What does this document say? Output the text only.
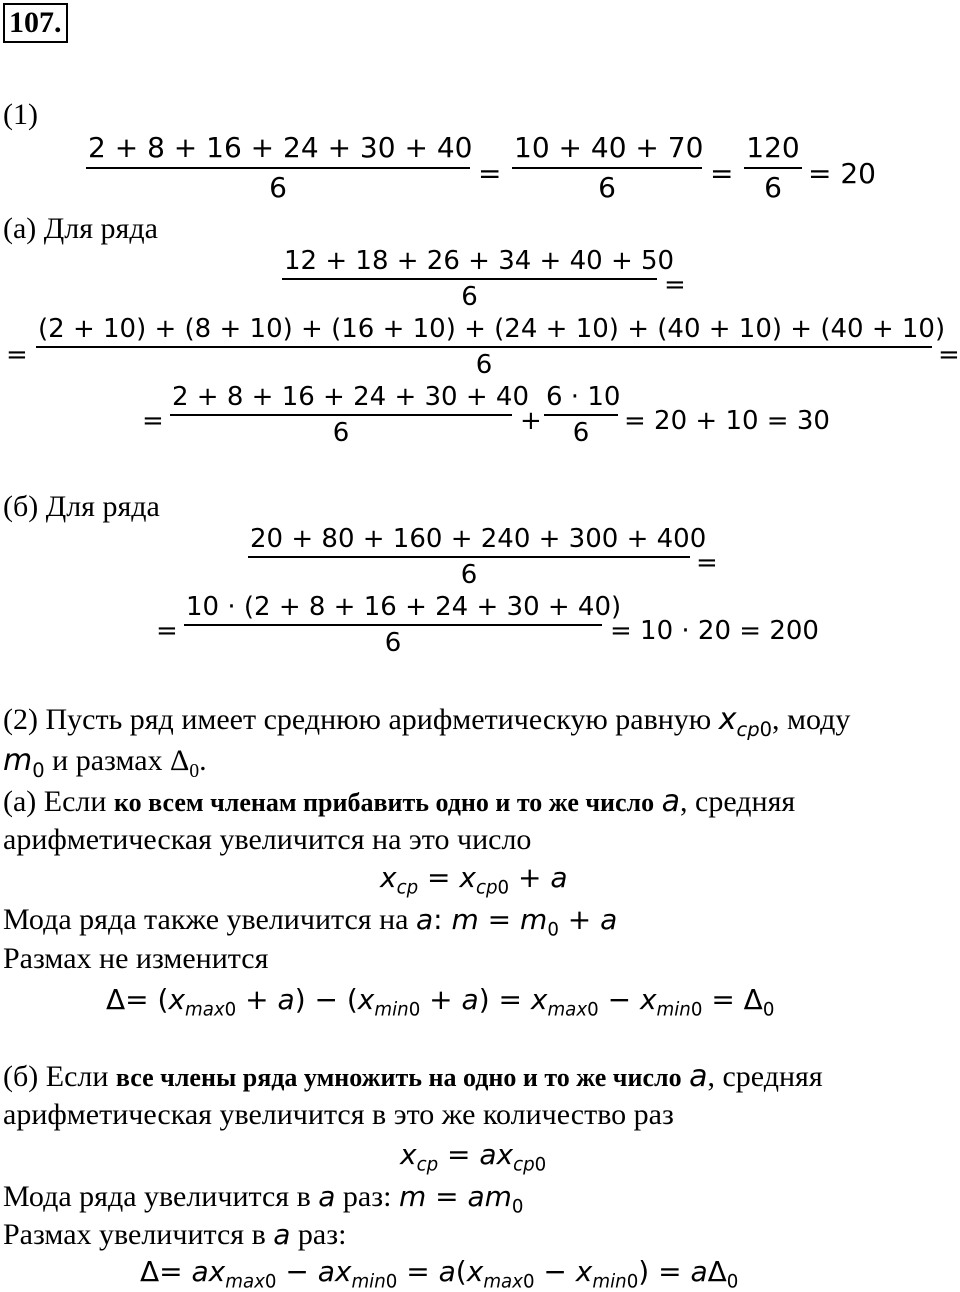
107.
(1)
2 + 8 + 16 + 24 + 30 + 40
6	=
10 + 40 + 70
6	=
120
6 = 20
(а) Для ряда
12 + 18 + 26 + 34 + 40 + 50
6	=
=
(2 + 10) + (8 + 10) + (16 + 10) + (24 + 10) + (40 + 10) + (40 + 10)
6	=
=
2 + 8 + 16 + 24 + 30 + 40
6	+
6 · 10
6	= 20 + 10 = 30
(б) Для ряда
20 + 80 + 160 + 240 + 300 + 400
6	=
=
10 · (2 + 8 + 16 + 24 + 30 + 40)
6	= 10 · 20 = 200
(2) Пусть ряд имеет среднюю арифметическую равную $x_{cp0}$, моду
$m_0$ и размах $\Delta_0$.
(а) Если ко всем членам прибавить одно и то же число a, средняя
арифметическая увеличится на это число
$x_{cp} = x_{cp0} + a$
Мода ряда также увеличится на a: $m = m_0 + a$
Размах не изменится
$\Delta= (x_{max0} + a) - (x_{min0} + a) = x_{max0} - x_{min0} = \Delta_0$
(б) Если все члены ряда умножить на одно и то же число a, средняя
арифметическая увеличится в это же количество раз
$x_{cp} = ax_{cp0}$
Мода ряда увеличится в a раз: $m = am_0$
Размах увеличится в a раз:
$\Delta= ax_{max0} - ax_{min0} = a(x_{max0} - x_{min0}) = a\Delta_0$
